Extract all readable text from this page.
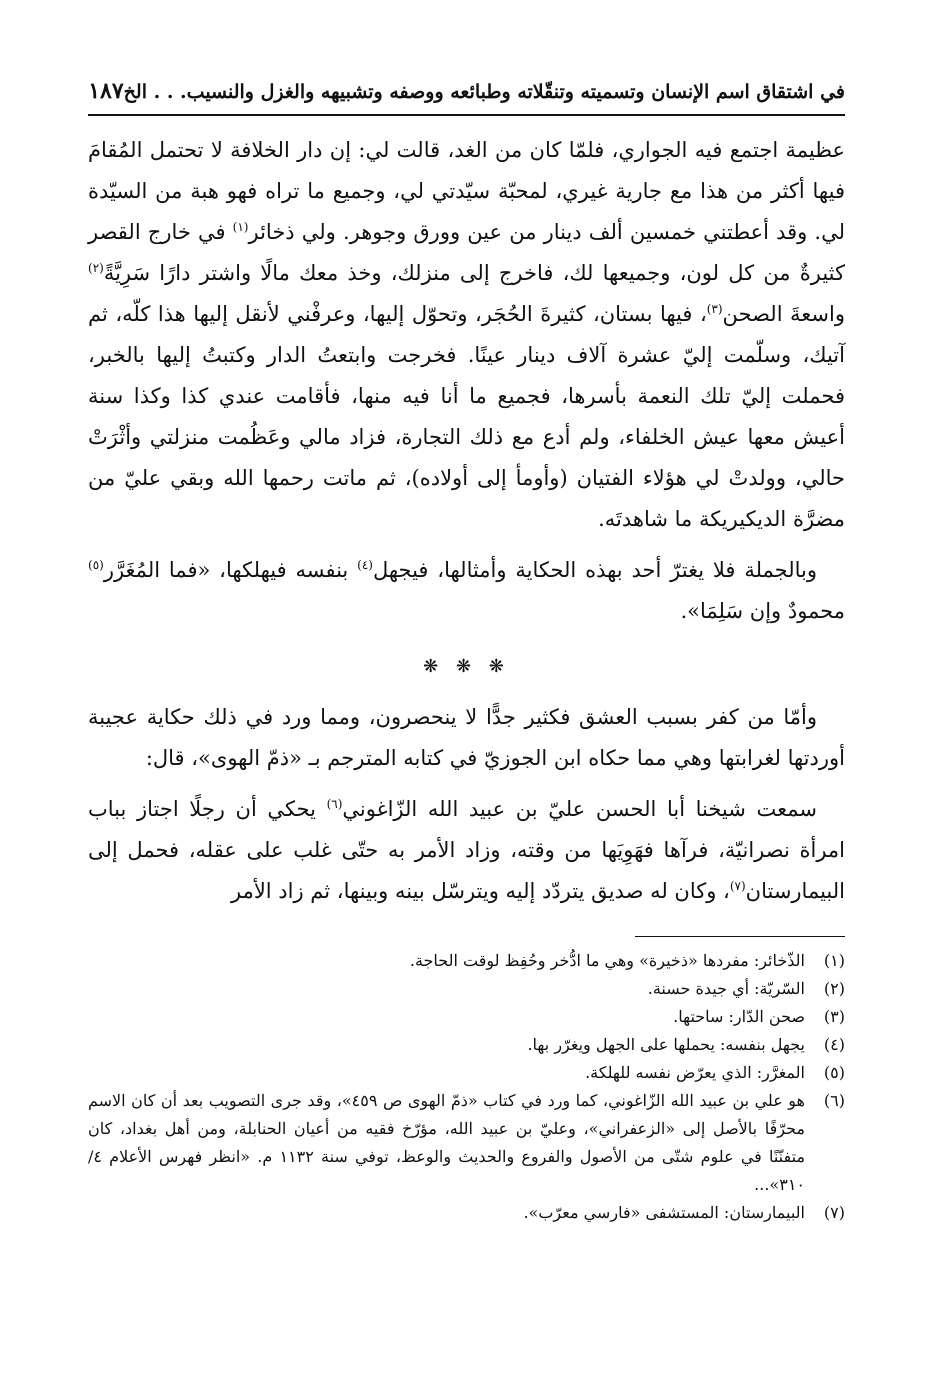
في اشتقاق اسم الإنسان وتسميته وتنقّلاته وطبائعه ووصفه وتشبيهه والغزل والنسيب. . . الخ
١٨٧

عظيمة اجتمع فيه الجواري، فلمّا كان من الغد، قالت لي: إن دار الخلافة لا تحتمل المُقامَ فيها أكثر من هذا مع جارية غيري، لمحبّة سيّدتي لي، وجميع ما تراه فهو هبة من السيّدة لي. وقد أعطتني خمسين ألف دينار من عين وورق وجوهر. ولي ذخائر$^{(١)}$ في خارج القصر كثيرةٌ من كل لون، وجميعها لك، فاخرج إلى منزلك، وخذ معك مالًا واشتر دارًا سَرِيَّةً$^{(٢)}$ واسعةَ الصحن$^{(٣)}$، فيها بستان، كثيرةَ الحُجَر، وتحوّل إليها، وعرفْني لأنقل إليها هذا كلّه، ثم آتيك، وسلّمت إليّ عشرة آلاف دينار عينًا. فخرجت وابتعتُ الدار وكتبتُ إليها بالخبر، فحملت إليّ تلك النعمة بأسرها، فجميع ما أنا فيه منها، فأقامت عندي كذا وكذا سنة أعيش معها عيش الخلفاء، ولم أدع مع ذلك التجارة، فزاد مالي وعَظُمت منزلتي وأثْرَتْ حالي، وولدتْ لي هؤلاء الفتيان (وأومأ إلى أولاده)، ثم ماتت رحمها الله وبقي عليّ من مضرَّة الديكيريكة ما شاهدتَه.

وبالجملة فلا يغترّ أحد بهذه الحكاية وأمثالها، فيجهل$^{(٤)}$ بنفسه فيهلكها، «فما المُغَرَّر$^{(٥)}$ محمودٌ وإن سَلِمَا».

❋ ❋ ❋

وأمّا من كفر بسبب العشق فكثير جدًّا لا ينحصرون، ومما ورد في ذلك حكاية عجيبة أوردتها لغرابتها وهي مما حكاه ابن الجوزيّ في كتابه المترجم بـ «ذمّ الهوى»، قال:

سمعت شيخنا أبا الحسن عليّ بن عبيد الله الزّاغوني$^{(٦)}$ يحكي أن رجلًا اجتاز بباب امرأة نصرانيّة، فرآها فهَوِيَها من وقته، وزاد الأمر به حتّى غلب على عقله، فحمل إلى البيمارستان$^{(٧)}$، وكان له صديق يتردّد إليه ويترسّل بينه وبينها، ثم زاد الأمر

(١)
الذّخائر: مفردها «ذخيرة» وهي ما ادُّخر وحُفِظ لوقت الحاجة.
(٢)
السّريّة: أي جيدة حسنة.
(٣)
صحن الدّار: ساحتها.
(٤)
يجهل بنفسه: يحملها على الجهل ويغرّر بها.
(٥)
المغرَّر: الذي يعرّض نفسه للهلكة.
(٦)
هو علي بن عبيد الله الزّاغوني، كما ورد في كتاب «ذمّ الهوى ص ٤٥٩»، وقد جرى التصويب بعد أن كان الاسم محرّفًا بالأصل إلى «الزعفراني»، وعليّ بن عبيد الله، مؤرّخ فقيه من أعيان الحنابلة، ومن أهل بغداد، كان متفنّنًا في علوم شتّى من الأصول والفروع والحديث والوعظ، توفي سنة ١١٣٢ م. «انظر فهرس الأعلام ٤/ ٣١٠»...
(٧)
البيمارستان: المستشفى «فارسي معرّب».
